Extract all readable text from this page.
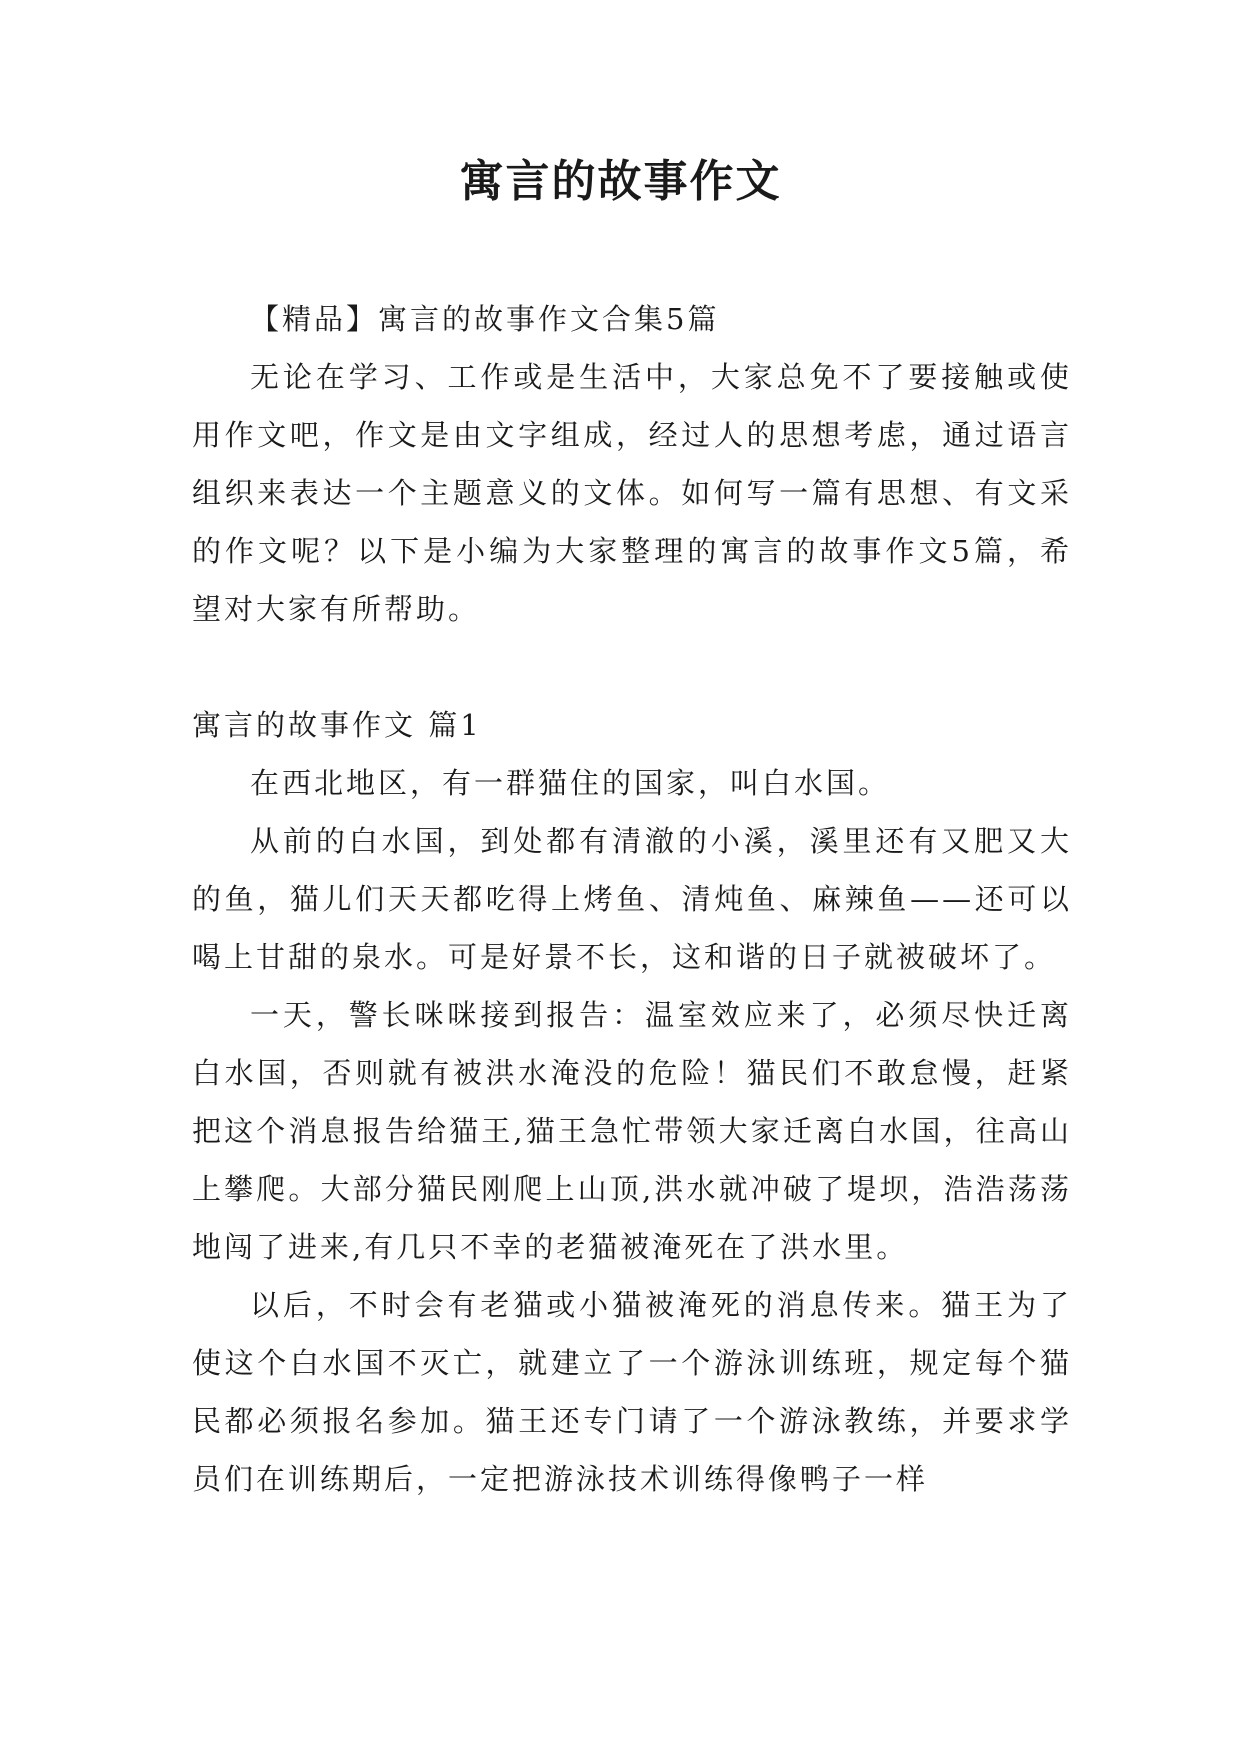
寓言的故事作文

【精品】寓言的故事作文合集5篇

无论在学习、工作或是生活中，大家总免不了要接触或使用作文吧，作文是由文字组成，经过人的思想考虑，通过语言组织来表达一个主题意义的文体。如何写一篇有思想、有文采的作文呢？以下是小编为大家整理的寓言的故事作文5篇，希望对大家有所帮助。

寓言的故事作文 篇1

在西北地区，有一群猫住的国家，叫白水国。

从前的白水国，到处都有清澈的小溪，溪里还有又肥又大的鱼，猫儿们天天都吃得上烤鱼、清炖鱼、麻辣鱼——还可以喝上甘甜的泉水。可是好景不长，这和谐的日子就被破坏了。

一天，警长咪咪接到报告：温室效应来了，必须尽快迁离白水国，否则就有被洪水淹没的危险！猫民们不敢怠慢，赶紧把这个消息报告给猫王,猫王急忙带领大家迁离白水国，往高山上攀爬。大部分猫民刚爬上山顶,洪水就冲破了堤坝，浩浩荡荡地闯了进来,有几只不幸的老猫被淹死在了洪水里。

以后，不时会有老猫或小猫被淹死的消息传来。猫王为了使这个白水国不灭亡，就建立了一个游泳训练班，规定每个猫民都必须报名参加。猫王还专门请了一个游泳教练，并要求学员们在训练期后，一定把游泳技术训练得像鸭子一样
